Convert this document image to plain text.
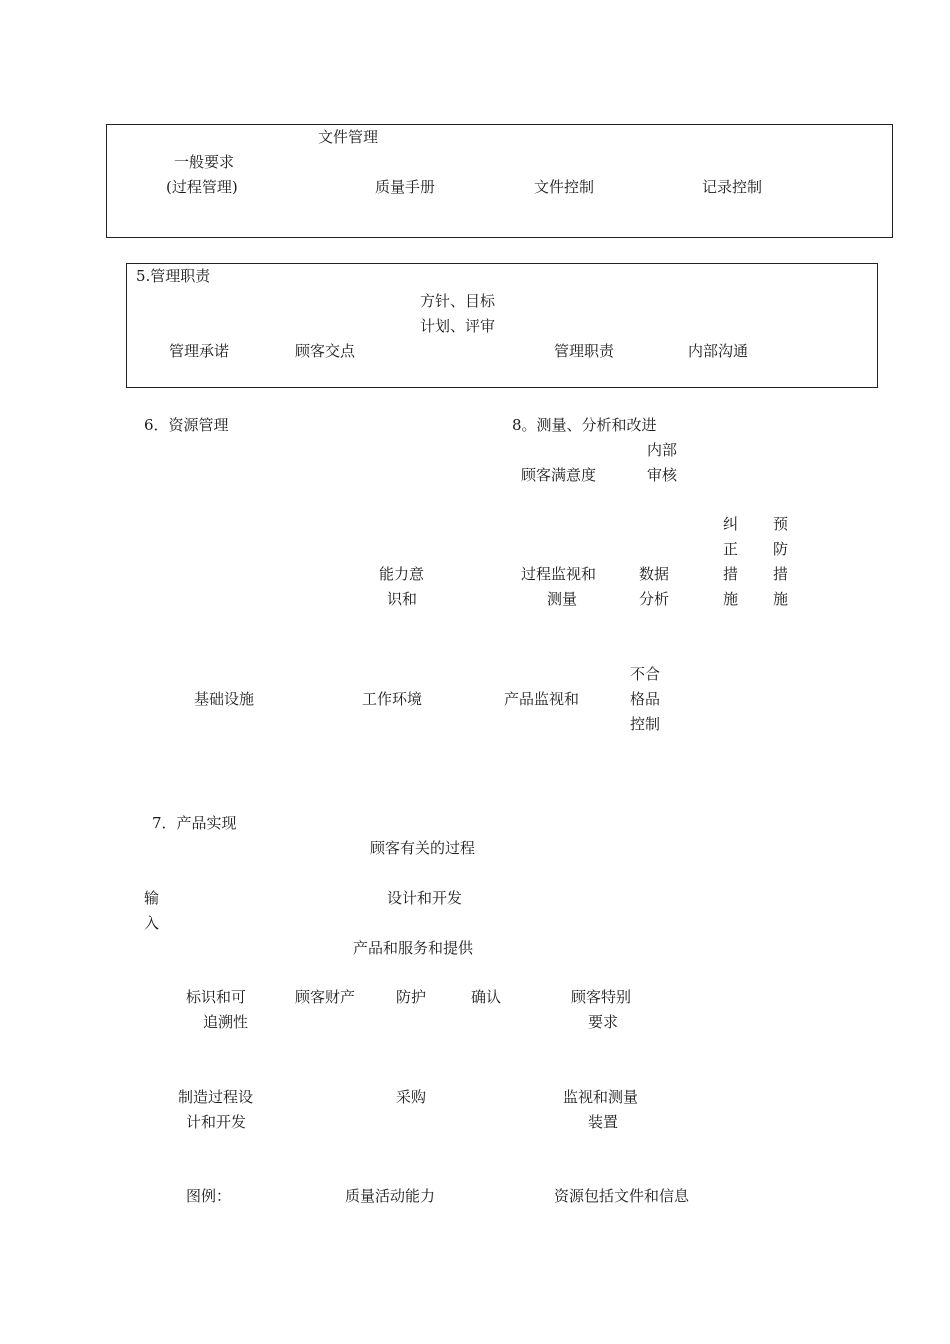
文件管理
一般要求
(过程管理)	质量手册	文件控制	记录控制
5.管理职责
方针、目标
计划、评审
管理承诺	顾客交点	管理职责	内部沟通
6．资源管理	8。测量、分析和改进
内部
审核
顾客满意度
纠
正
措
施
预
防
措
施
能力意
识和
过程监视和
测量
数据
分析
不合
格品
控制
基础设施	工作环境	产品监视和
7．产品实现
顾客有关的过程
输
入
设计和开发
产品和服务和提供
标识和可
追溯性
顾客财产	防护	确认	顾客特别
要求
制造过程设
计和开发
采购	监视和测量
装置
图例：	质量活动能力	资源包括文件和信息
